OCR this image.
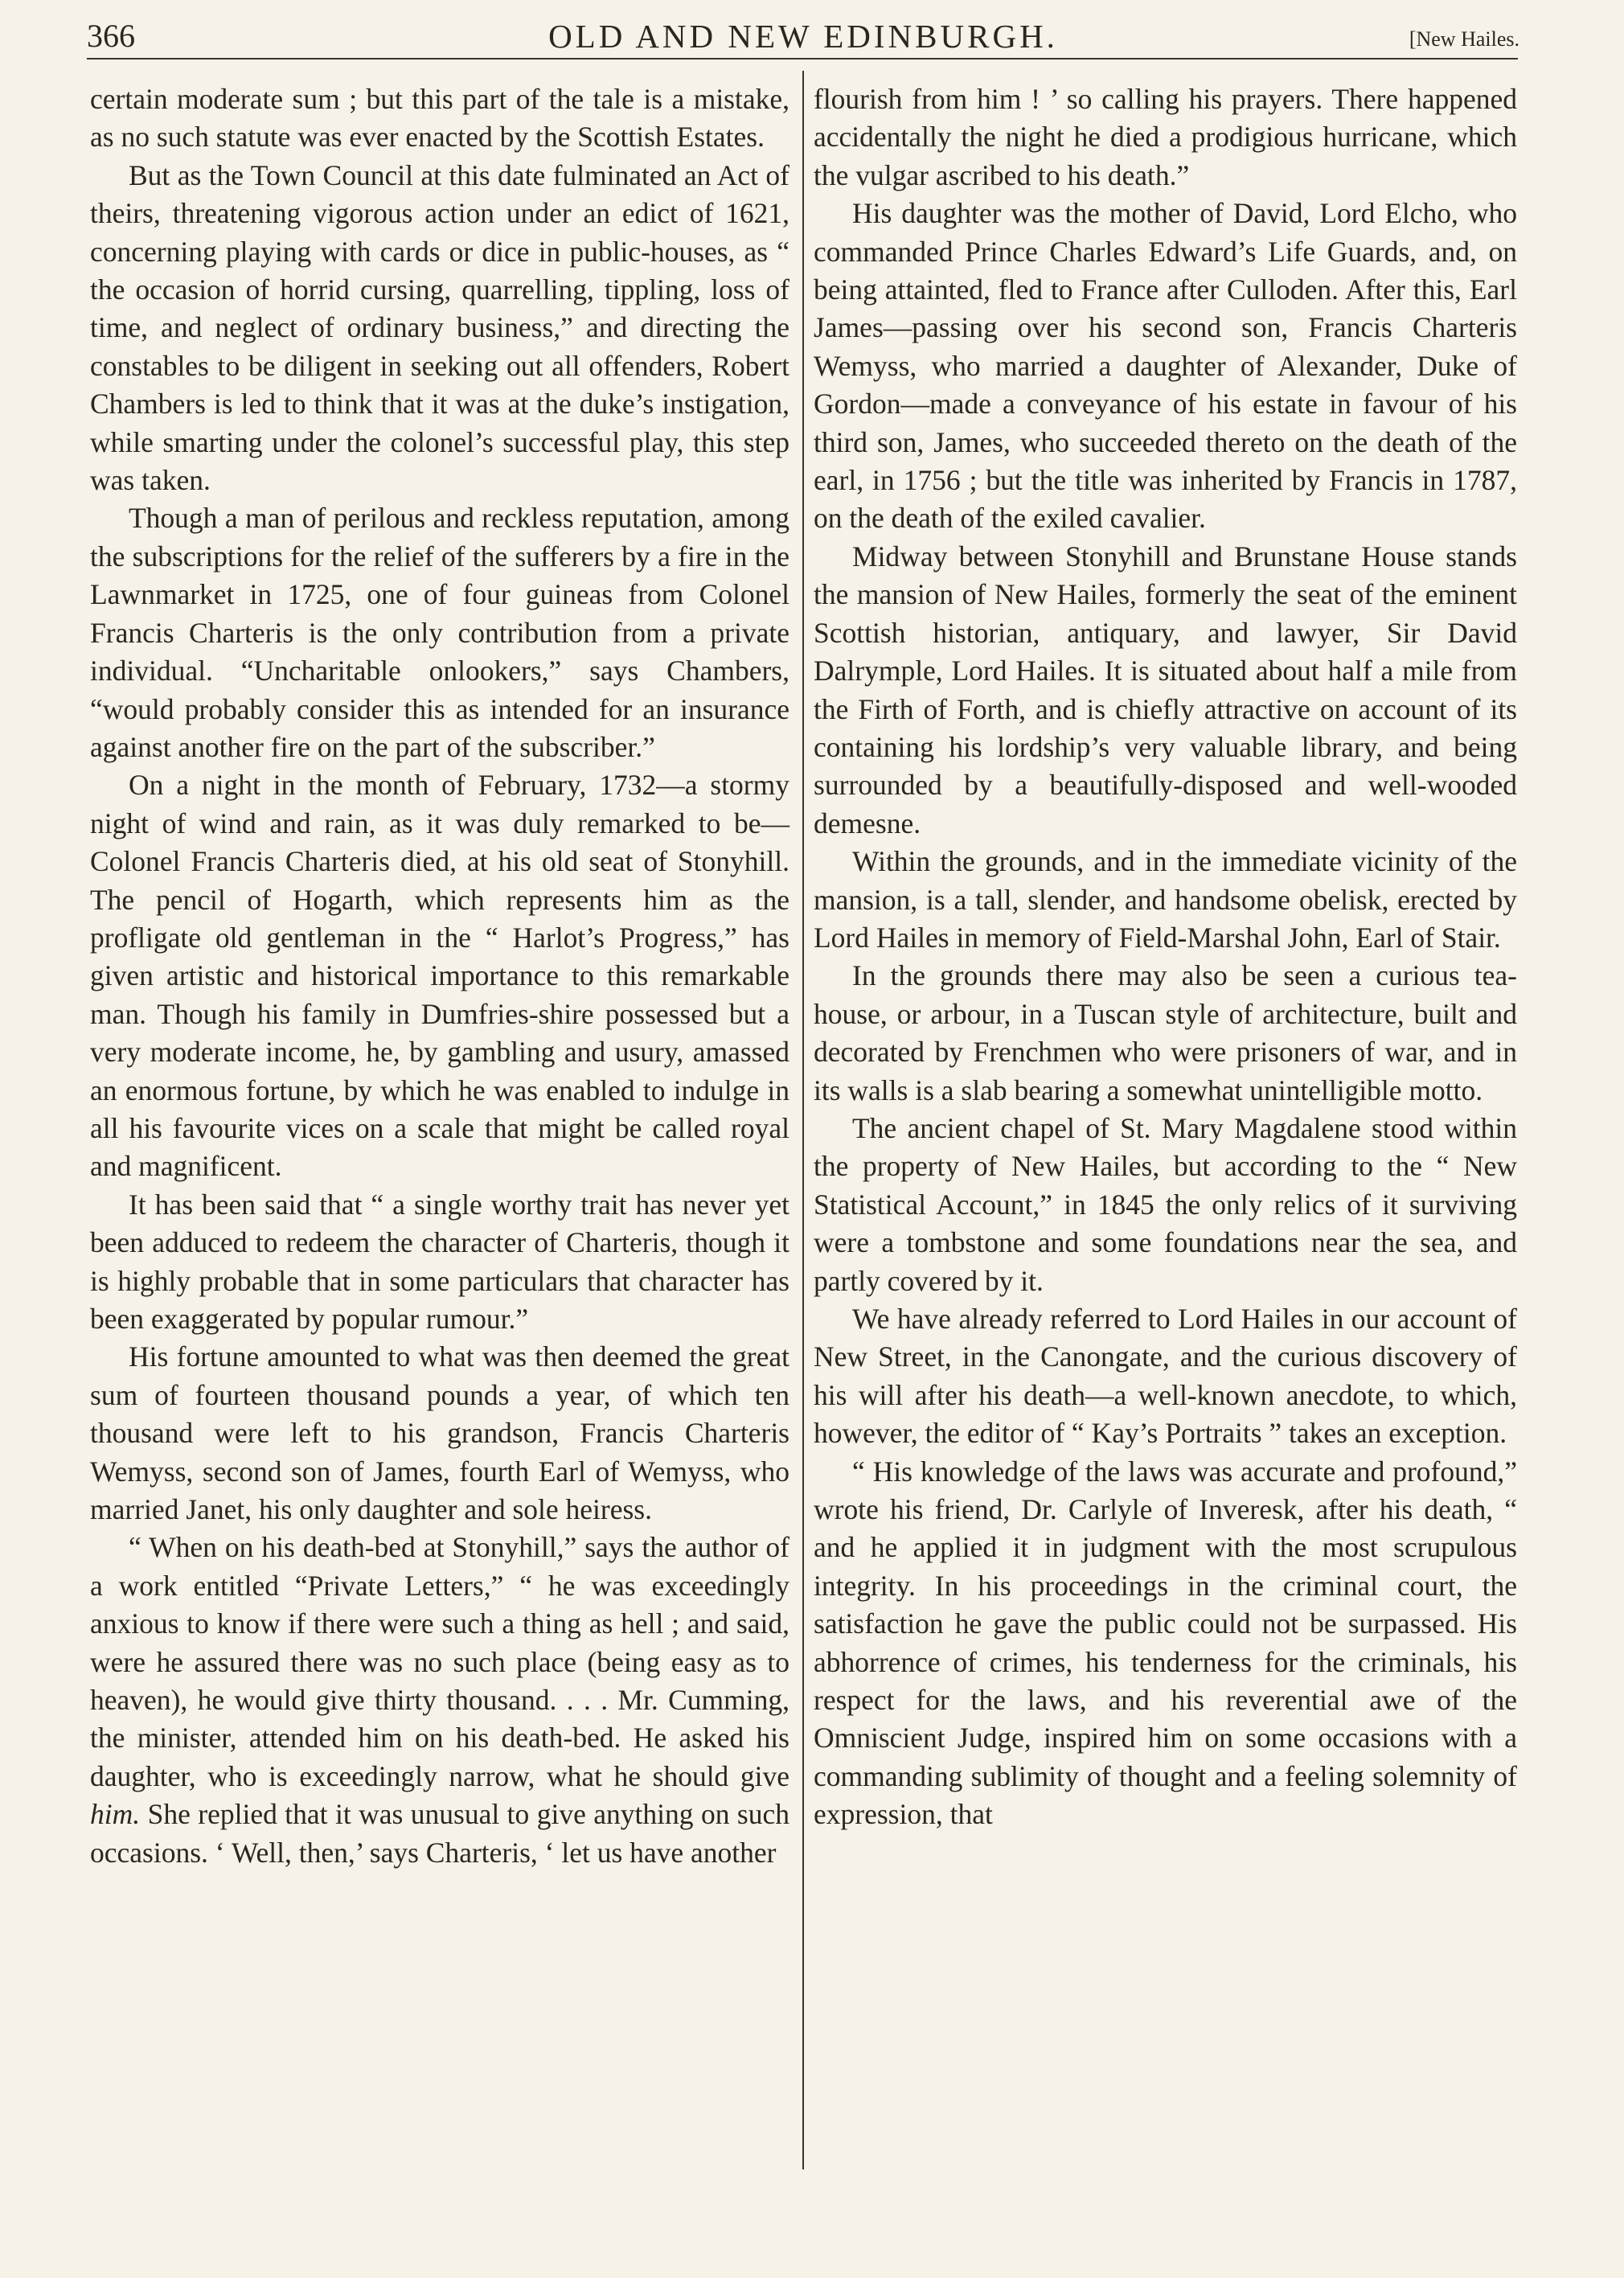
366	OLD AND NEW EDINBURGH.	[New Hailes.

certain moderate sum ; but this part of the tale is a mistake, as no such statute was ever enacted by the Scottish Estates.

But as the Town Council at this date fulminated an Act of theirs, threatening vigorous action under an edict of 1621, concerning playing with cards or dice in public-houses, as “ the occasion of horrid cursing, quarrelling, tippling, loss of time, and neglect of ordinary business,” and directing the constables to be diligent in seeking out all offenders, Robert Chambers is led to think that it was at the duke’s instigation, while smarting under the colonel’s successful play, this step was taken.

Though a man of perilous and reckless reputation, among the subscriptions for the relief of the sufferers by a fire in the Lawnmarket in 1725, one of four guineas from Colonel Francis Charteris is the only contribution from a private individual. “Uncharitable onlookers,” says Chambers, “would probably consider this as intended for an insurance against another fire on the part of the subscriber.”

On a night in the month of February, 1732—a stormy night of wind and rain, as it was duly remarked to be—Colonel Francis Charteris died, at his old seat of Stonyhill. The pencil of Hogarth, which represents him as the profligate old gentleman in the “ Harlot’s Progress,” has given artistic and historical importance to this remarkable man. Though his family in Dumfries-shire possessed but a very moderate income, he, by gambling and usury, amassed an enormous fortune, by which he was enabled to indulge in all his favourite vices on a scale that might be called royal and magnificent.

It has been said that “ a single worthy trait has never yet been adduced to redeem the character of Charteris, though it is highly probable that in some particulars that character has been exaggerated by popular rumour.”

His fortune amounted to what was then deemed the great sum of fourteen thousand pounds a year, of which ten thousand were left to his grandson, Francis Charteris Wemyss, second son of James, fourth Earl of Wemyss, who married Janet, his only daughter and sole heiress.

“ When on his death-bed at Stonyhill,” says the author of a work entitled “Private Letters,” “ he was exceedingly anxious to know if there were such a thing as hell ; and said, were he assured there was no such place (being easy as to heaven), he would give thirty thousand. . . . Mr. Cumming, the minister, attended him on his death-bed. He asked his daughter, who is exceedingly narrow, what he should give him. She replied that it was unusual to give anything on such occasions. ‘ Well, then,’ says Charteris, ‘ let us have another

flourish from him ! ’ so calling his prayers. There happened accidentally the night he died a prodigious hurricane, which the vulgar ascribed to his death.”

His daughter was the mother of David, Lord Elcho, who commanded Prince Charles Edward’s Life Guards, and, on being attainted, fled to France after Culloden. After this, Earl James—passing over his second son, Francis Charteris Wemyss, who married a daughter of Alexander, Duke of Gordon—made a conveyance of his estate in favour of his third son, James, who succeeded thereto on the death of the earl, in 1756 ; but the title was inherited by Francis in 1787, on the death of the exiled cavalier.

Midway between Stonyhill and Brunstane House stands the mansion of New Hailes, formerly the seat of the eminent Scottish historian, antiquary, and lawyer, Sir David Dalrymple, Lord Hailes. It is situated about half a mile from the Firth of Forth, and is chiefly attractive on account of its containing his lordship’s very valuable library, and being surrounded by a beautifully-disposed and well-wooded demesne.

Within the grounds, and in the immediate vicinity of the mansion, is a tall, slender, and handsome obelisk, erected by Lord Hailes in memory of Field-Marshal John, Earl of Stair.

In the grounds there may also be seen a curious tea-house, or arbour, in a Tuscan style of architecture, built and decorated by Frenchmen who were prisoners of war, and in its walls is a slab bearing a somewhat unintelligible motto.

The ancient chapel of St. Mary Magdalene stood within the property of New Hailes, but according to the “ New Statistical Account,” in 1845 the only relics of it surviving were a tombstone and some foundations near the sea, and partly covered by it.

We have already referred to Lord Hailes in our account of New Street, in the Canongate, and the curious discovery of his will after his death—a well-known anecdote, to which, however, the editor of “ Kay’s Portraits ” takes an exception.

“ His knowledge of the laws was accurate and profound,” wrote his friend, Dr. Carlyle of Inveresk, after his death, “ and he applied it in judgment with the most scrupulous integrity. In his proceedings in the criminal court, the satisfaction he gave the public could not be surpassed. His abhorrence of crimes, his tenderness for the criminals, his respect for the laws, and his reverential awe of the Omniscient Judge, inspired him on some occasions with a commanding sublimity of thought and a feeling solemnity of expression, that
